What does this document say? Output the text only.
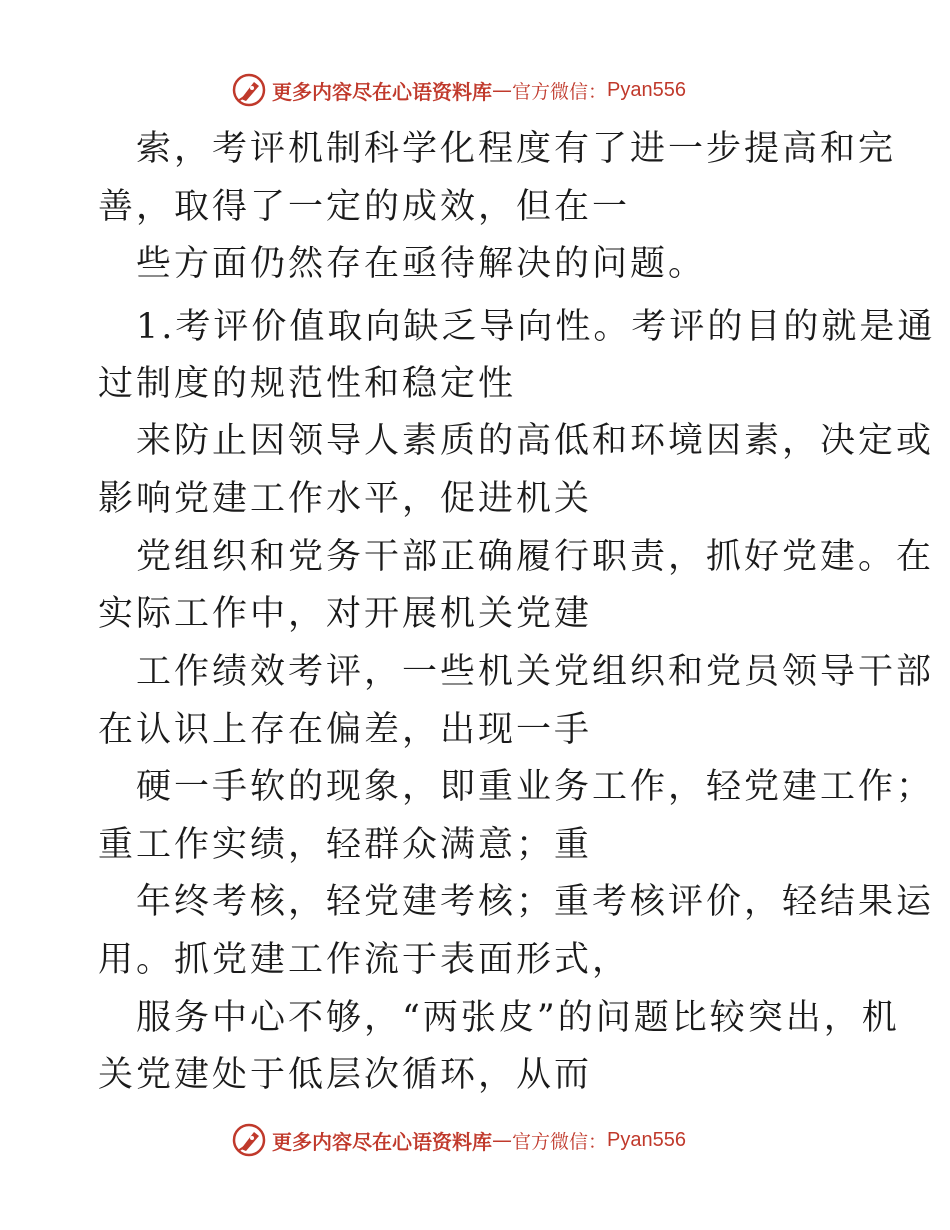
更多内容尽在心语资料库 — 官方微信： Pyan556
索，考评机制科学化程度有了进一步提高和完
善，取得了一定的成效，但在一
些方面仍然存在亟待解决的问题。
1.考评价值取向缺乏导向性。考评的目的就是通
过制度的规范性和稳定性
来防止因领导人素质的高低和环境因素，决定或
影响党建工作水平，促进机关
党组织和党务干部正确履行职责，抓好党建。在
实际工作中，对开展机关党建
工作绩效考评，一些机关党组织和党员领导干部
在认识上存在偏差，出现一手
硬一手软的现象，即重业务工作，轻党建工作；
重工作实绩，轻群众满意；重
年终考核，轻党建考核；重考核评价，轻结果运
用。抓党建工作流于表面形式，
服务中心不够，“两张皮”的问题比较突出，机
关党建处于低层次循环，从而
更多内容尽在心语资料库 — 官方微信： Pyan556
